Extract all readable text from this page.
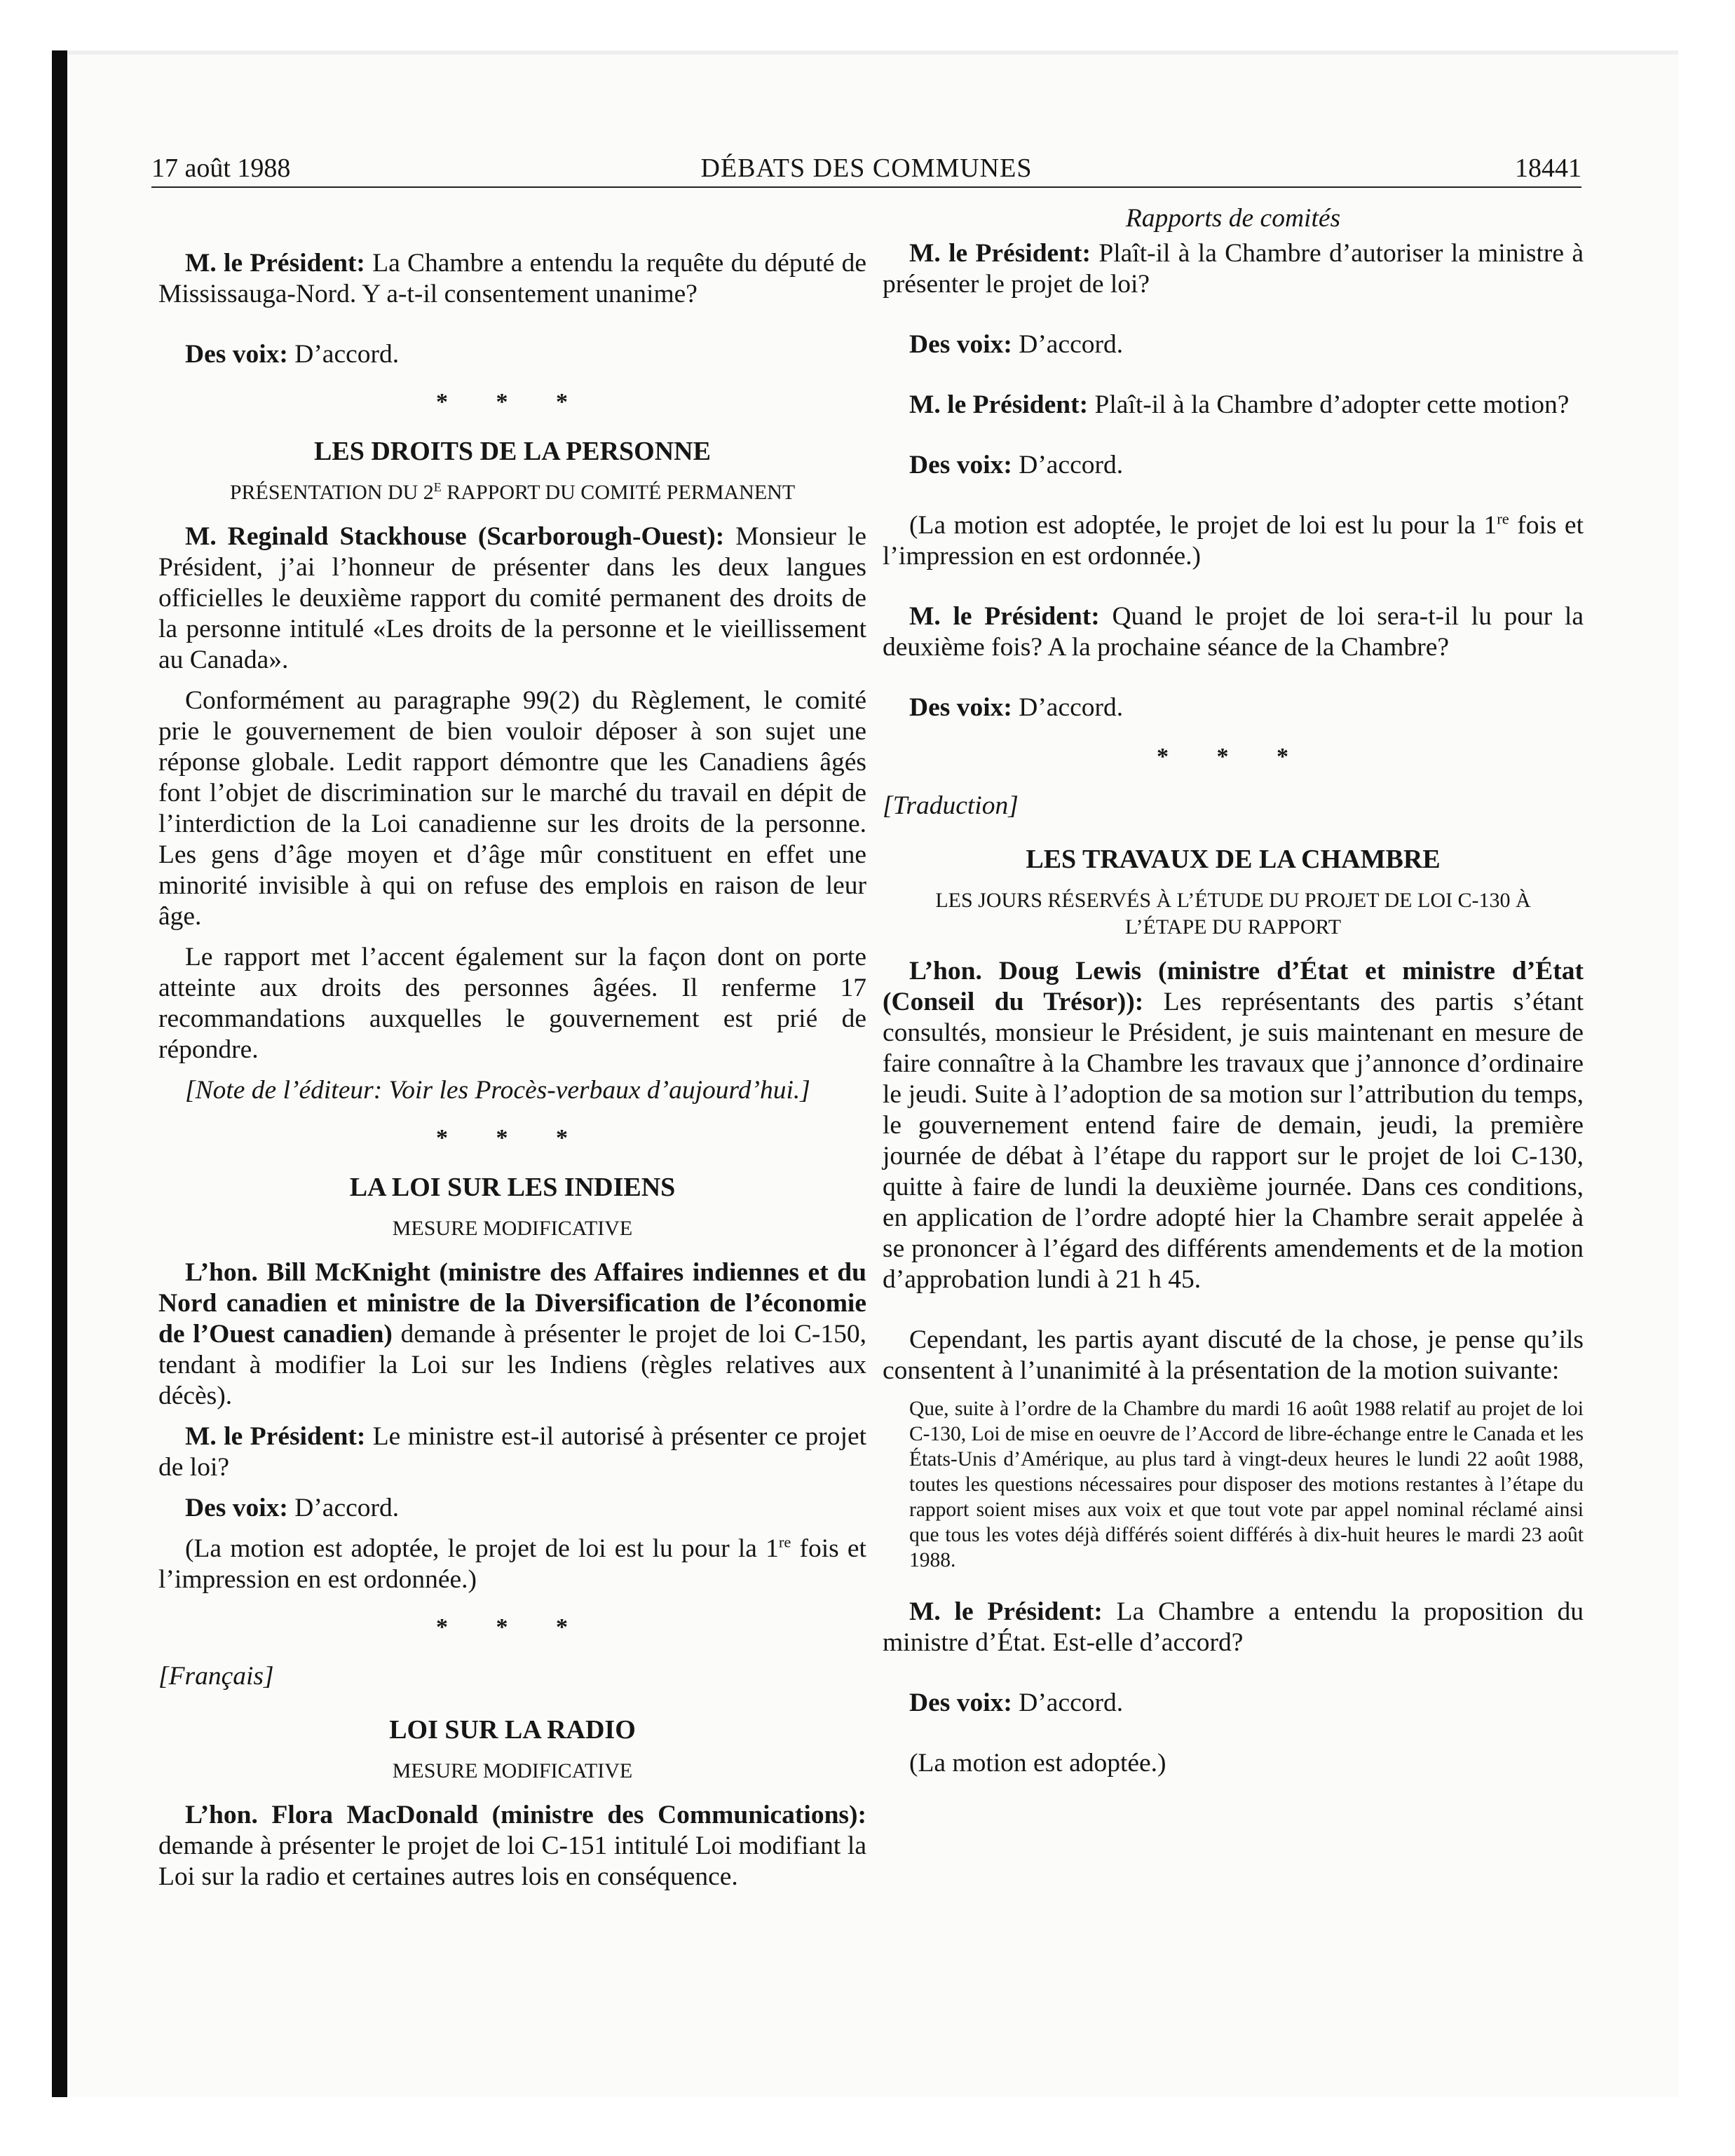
17 août 1988	DÉBATS DES COMMUNES	18441

M. le Président: La Chambre a entendu la requête du député de Mississauga-Nord. Y a-t-il consentement unanime?

Des voix: D’accord.

* * *

LES DROITS DE LA PERSONNE

PRÉSENTATION DU $2^E$ RAPPORT DU COMITÉ PERMANENT

M. Reginald Stackhouse (Scarborough-Ouest): Monsieur le Président, j’ai l’honneur de présenter dans les deux langues officielles le deuxième rapport du comité permanent des droits de la personne intitulé «Les droits de la personne et le vieillissement au Canada».

Conformément au paragraphe 99(2) du Règlement, le comité prie le gouvernement de bien vouloir déposer à son sujet une réponse globale. Ledit rapport démontre que les Canadiens âgés font l’objet de discrimination sur le marché du travail en dépit de l’interdiction de la Loi canadienne sur les droits de la personne. Les gens d’âge moyen et d’âge mûr constituent en effet une minorité invisible à qui on refuse des emplois en raison de leur âge.

Le rapport met l’accent également sur la façon dont on porte atteinte aux droits des personnes âgées. Il renferme 17 recommandations auxquelles le gouvernement est prié de répondre.

[Note de l’éditeur: Voir les Procès-verbaux d’aujourd’hui.]

* * *

LA LOI SUR LES INDIENS

MESURE MODIFICATIVE

L’hon. Bill McKnight (ministre des Affaires indiennes et du Nord canadien et ministre de la Diversification de l’économie de l’Ouest canadien) demande à présenter le projet de loi C-150, tendant à modifier la Loi sur les Indiens (règles relatives aux décès).

M. le Président: Le ministre est-il autorisé à présenter ce projet de loi?

Des voix: D’accord.

(La motion est adoptée, le projet de loi est lu pour la 1re fois et l’impression en est ordonnée.)

* * *

[Français]

LOI SUR LA RADIO

MESURE MODIFICATIVE

L’hon. Flora MacDonald (ministre des Communications): demande à présenter le projet de loi C-151 intitulé Loi modifiant la Loi sur la radio et certaines autres lois en conséquence.

Rapports de comités

M. le Président: Plaît-il à la Chambre d’autoriser la ministre à présenter le projet de loi?

Des voix: D’accord.

M. le Président: Plaît-il à la Chambre d’adopter cette motion?

Des voix: D’accord.

(La motion est adoptée, le projet de loi est lu pour la 1re fois et l’impression en est ordonnée.)

M. le Président: Quand le projet de loi sera-t-il lu pour la deuxième fois? A la prochaine séance de la Chambre?

Des voix: D’accord.

* * *

[Traduction]

LES TRAVAUX DE LA CHAMBRE

LES JOURS RÉSERVÉS À L’ÉTUDE DU PROJET DE LOI C-130 À L’ÉTAPE DU RAPPORT

L’hon. Doug Lewis (ministre d’État et ministre d’État (Conseil du Trésor)): Les représentants des partis s’étant consultés, monsieur le Président, je suis maintenant en mesure de faire connaître à la Chambre les travaux que j’annonce d’ordinaire le jeudi. Suite à l’adoption de sa motion sur l’attribution du temps, le gouvernement entend faire de demain, jeudi, la première journée de débat à l’étape du rapport sur le projet de loi C-130, quitte à faire de lundi la deuxième journée. Dans ces conditions, en application de l’ordre adopté hier la Chambre serait appelée à se prononcer à l’égard des différents amendements et de la motion d’approbation lundi à 21 h 45.

Cependant, les partis ayant discuté de la chose, je pense qu’ils consentent à l’unanimité à la présentation de la motion suivante:

Que, suite à l’ordre de la Chambre du mardi 16 août 1988 relatif au projet de loi C-130, Loi de mise en oeuvre de l’Accord de libre-échange entre le Canada et les États-Unis d’Amérique, au plus tard à vingt-deux heures le lundi 22 août 1988, toutes les questions nécessaires pour disposer des motions restantes à l’étape du rapport soient mises aux voix et que tout vote par appel nominal réclamé ainsi que tous les votes déjà différés soient différés à dix-huit heures le mardi 23 août 1988.

M. le Président: La Chambre a entendu la proposition du ministre d’État. Est-elle d’accord?

Des voix: D’accord.

(La motion est adoptée.)
